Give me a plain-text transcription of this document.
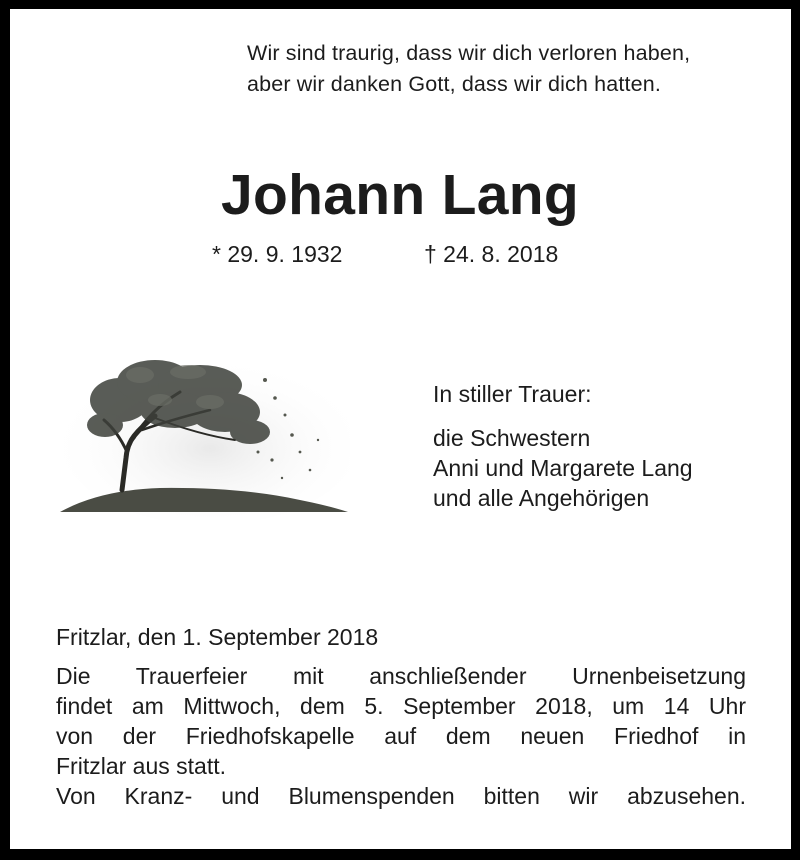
Wir sind traurig, dass wir dich verloren haben,
aber wir danken Gott, dass wir dich hatten.
Johann Lang
* 29. 9. 1932	† 24. 8. 2018
In stiller Trauer:
die Schwestern
Anni und Margarete Lang
und alle Angehörigen
Fritzlar, den 1. September 2018
Die Trauerfeier mit anschließender Urnenbeisetzung
findet am Mittwoch, dem 5. September 2018, um 14 Uhr
von der Friedhofskapelle auf dem neuen Friedhof in
Fritzlar aus statt.
Von Kranz- und Blumenspenden bitten wir abzusehen.
